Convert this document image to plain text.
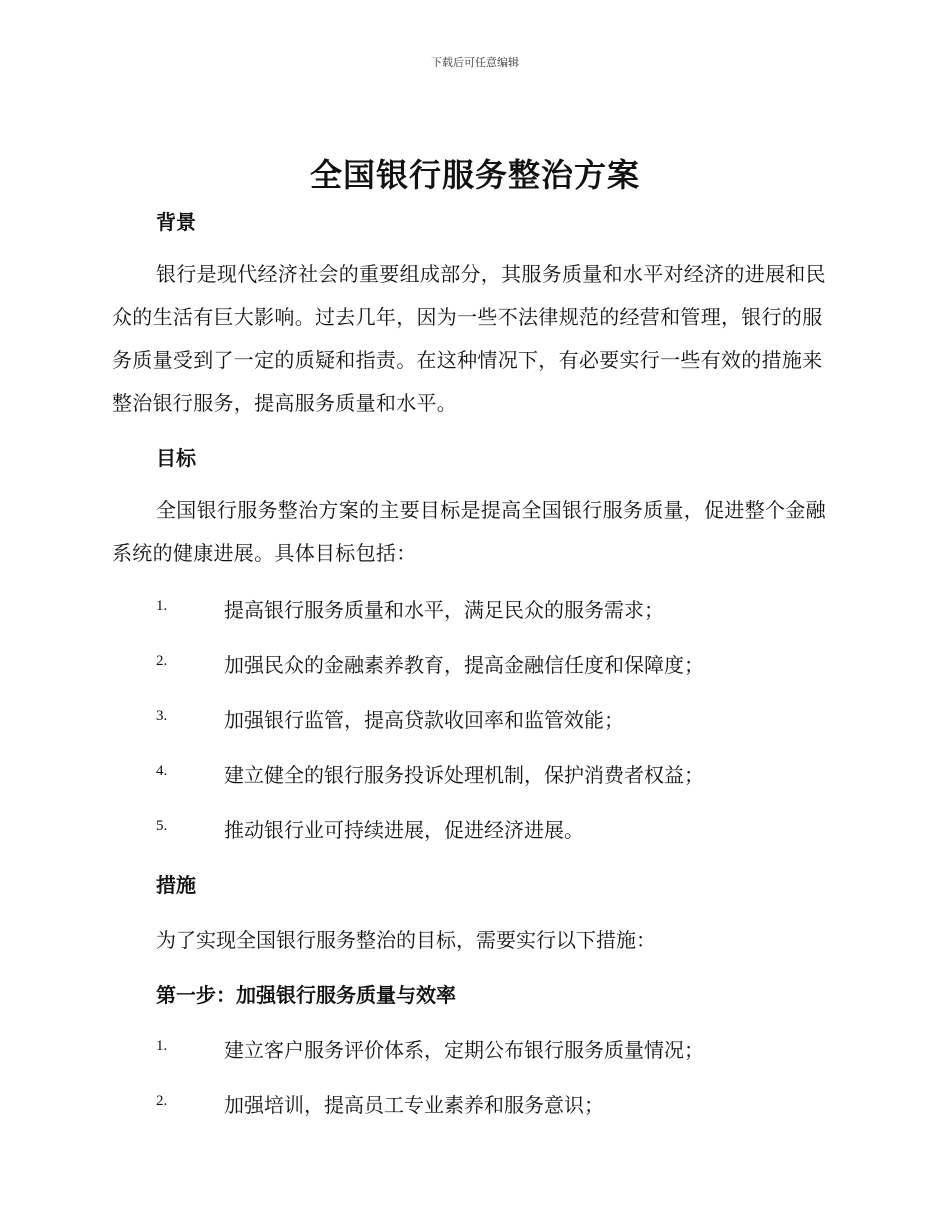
下载后可任意编辑
全国银行服务整治方案
背景
银行是现代经济社会的重要组成部分，其服务质量和水平对经济的进展和民众的生活有巨大影响。过去几年，因为一些不法律规范的经营和管理，银行的服务质量受到了一定的质疑和指责。在这种情况下，有必要实行一些有效的措施来整治银行服务，提高服务质量和水平。
目标
全国银行服务整治方案的主要目标是提高全国银行服务质量，促进整个金融系统的健康进展。具体目标包括：
1.	提高银行服务质量和水平，满足民众的服务需求；
2.	加强民众的金融素养教育，提高金融信任度和保障度；
3.	加强银行监管，提高贷款收回率和监管效能；
4.	建立健全的银行服务投诉处理机制，保护消费者权益；
5.	推动银行业可持续进展，促进经济进展。
措施
为了实现全国银行服务整治的目标，需要实行以下措施：
第一步：加强银行服务质量与效率
1.	建立客户服务评价体系，定期公布银行服务质量情况；
2.	加强培训，提高员工专业素养和服务意识；
